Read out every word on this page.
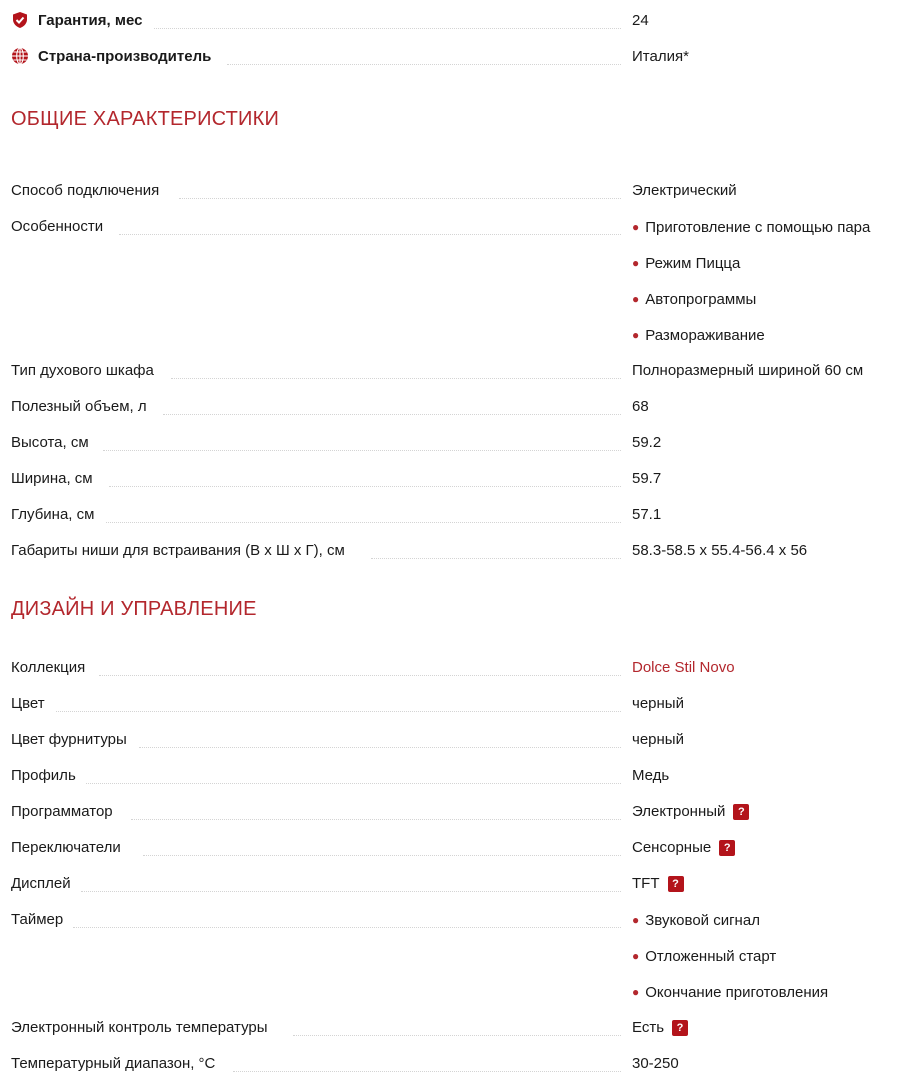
Гарантия, мес	24
Страна-производитель	Италия*
ОБЩИЕ ХАРАКТЕРИСТИКИ
Способ подключения	Электрический
Особенности	● Приготовление с помощью пара
● Режим Пицца
● Автопрограммы
● Размораживание
Тип духового шкафа	Полноразмерный шириной 60 см
Полезный объем, л	68
Высота, см	59.2
Ширина, см	59.7
Глубина, см	57.1
Габариты ниши для встраивания (В х Ш х Г), см	58.3-58.5 х 55.4-56.4 х 56
ДИЗАЙН И УПРАВЛЕНИЕ
Коллекция	Dolce Stil Novo
Цвет	черный
Цвет фурнитуры	черный
Профиль	Медь
Программатор	Электронный ?
Переключатели	Сенсорные ?
Дисплей	TFT ?
Таймер	● Звуковой сигнал
● Отложенный старт
● Окончание приготовления
Электронный контроль температуры	Есть ?
Температурный диапазон, °С	30-250
